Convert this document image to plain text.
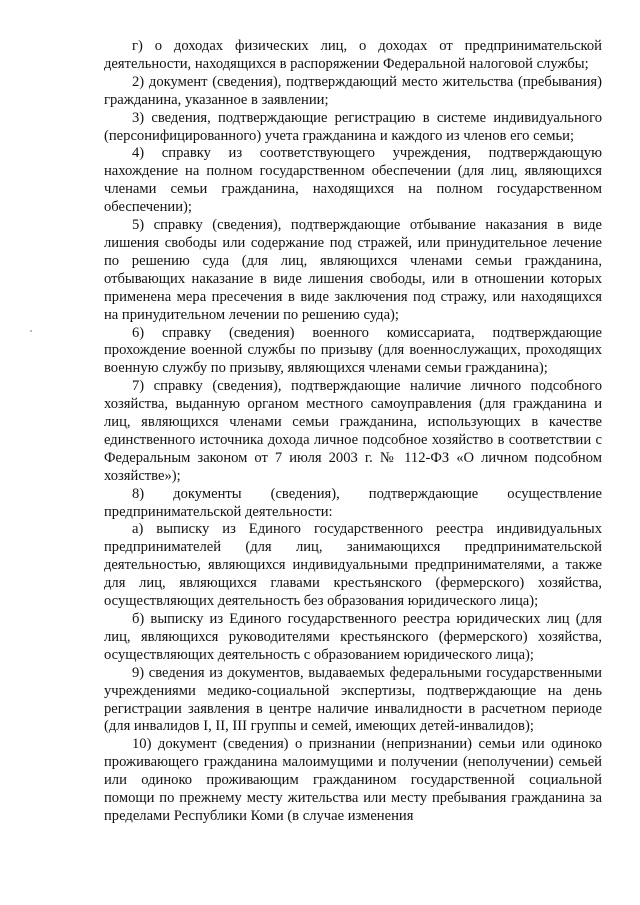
г) о доходах физических лиц, о доходах от предпринимательской деятельности, находящихся в распоряжении Федеральной налоговой службы;

2) документ (сведения), подтверждающий место жительства (пребывания) гражданина, указанное в заявлении;

3) сведения, подтверждающие регистрацию в системе индивидуального (персонифицированного) учета гражданина и каждого из членов его семьи;

4) справку из соответствующего учреждения, подтверждающую нахождение на полном государственном обеспечении (для лиц, являющихся членами семьи гражданина, находящихся на полном государственном обеспечении);

5) справку (сведения), подтверждающие отбывание наказания в виде лишения свободы или содержание под стражей, или принудительное лечение по решению суда (для лиц, являющихся членами семьи гражданина, отбывающих наказание в виде лишения свободы, или в отношении которых применена мера пресечения в виде заключения под стражу, или находящихся на принудительном лечении по решению суда);

6) справку (сведения) военного комиссариата, подтверждающие прохождение военной службы по призыву (для военнослужащих, проходящих военную службу по призыву, являющихся членами семьи гражданина);

7) справку (сведения), подтверждающие наличие личного подсобного хозяйства, выданную органом местного самоуправления (для гражданина и лиц, являющихся членами семьи гражданина, использующих в качестве единственного источника дохода личное подсобное хозяйство в соответствии с Федеральным законом от 7 июля 2003 г. № 112-ФЗ «О личном подсобном хозяйстве»);

8) документы (сведения), подтверждающие осуществление предпринимательской деятельности:

а) выписку из Единого государственного реестра индивидуальных предпринимателей (для лиц, занимающихся предпринимательской деятельностью, являющихся индивидуальными предпринимателями, а также для лиц, являющихся главами крестьянского (фермерского) хозяйства, осуществляющих деятельность без образования юридического лица);

б) выписку из Единого государственного реестра юридических лиц (для лиц, являющихся руководителями крестьянского (фермерского) хозяйства, осуществляющих деятельность с образованием юридического лица);

9) сведения из документов, выдаваемых федеральными государственными учреждениями медико-социальной экспертизы, подтверждающие на день регистрации заявления в центре наличие инвалидности в расчетном периоде (для инвалидов I, II, III группы и семей, имеющих детей-инвалидов);

10) документ (сведения) о признании (непризнании) семьи или одиноко проживающего гражданина малоимущими и получении (неполучении) семьей или одиноко проживающим гражданином государственной социальной помощи по прежнему месту жительства или месту пребывания гражданина за пределами Республики Коми (в случае изменения
